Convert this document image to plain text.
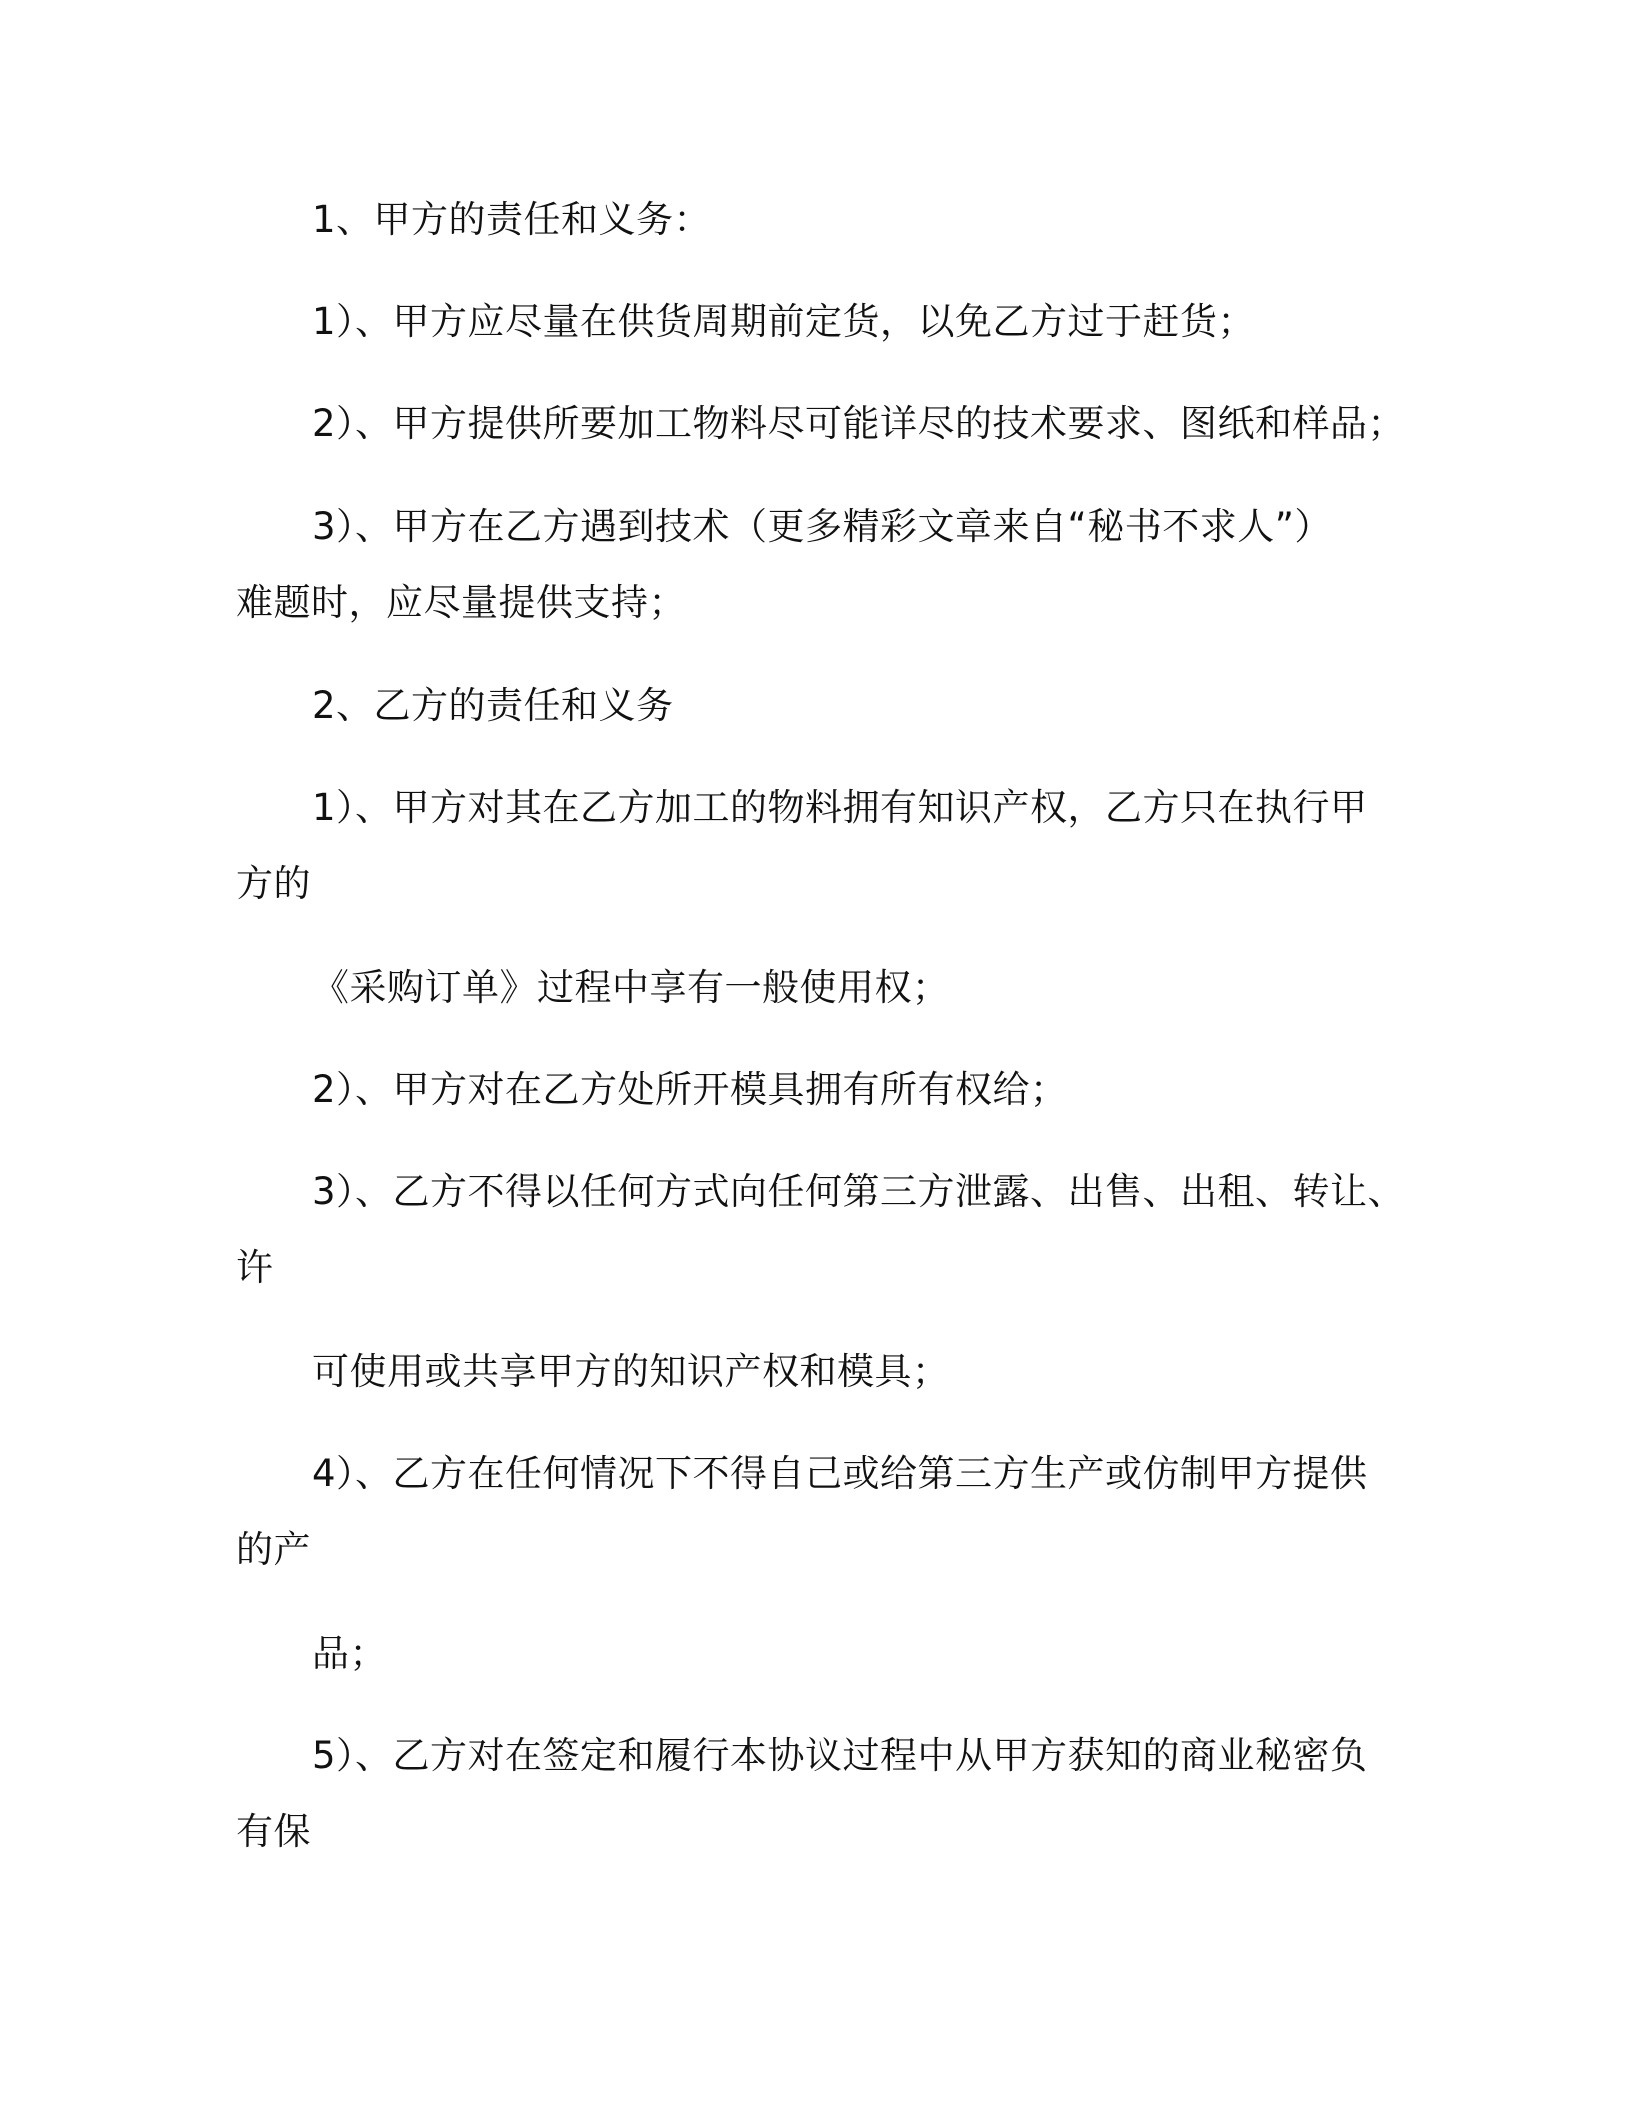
1、甲方的责任和义务：
1）、甲方应尽量在供货周期前定货，以免乙方过于赶货；
2）、甲方提供所要加工物料尽可能详尽的技术要求、图纸和样品；
3）、甲方在乙方遇到技术（更多精彩文章来自“秘书不求人”）
难题时，应尽量提供支持；
2、乙方的责任和义务
1）、甲方对其在乙方加工的物料拥有知识产权，乙方只在执行甲
方的
《采购订单》过程中享有一般使用权；
2）、甲方对在乙方处所开模具拥有所有权给；
3）、乙方不得以任何方式向任何第三方泄露、出售、出租、转让、
许
可使用或共享甲方的知识产权和模具；
4）、乙方在任何情况下不得自己或给第三方生产或仿制甲方提供
的产
品；
5）、乙方对在签定和履行本协议过程中从甲方获知的商业秘密负
有保
